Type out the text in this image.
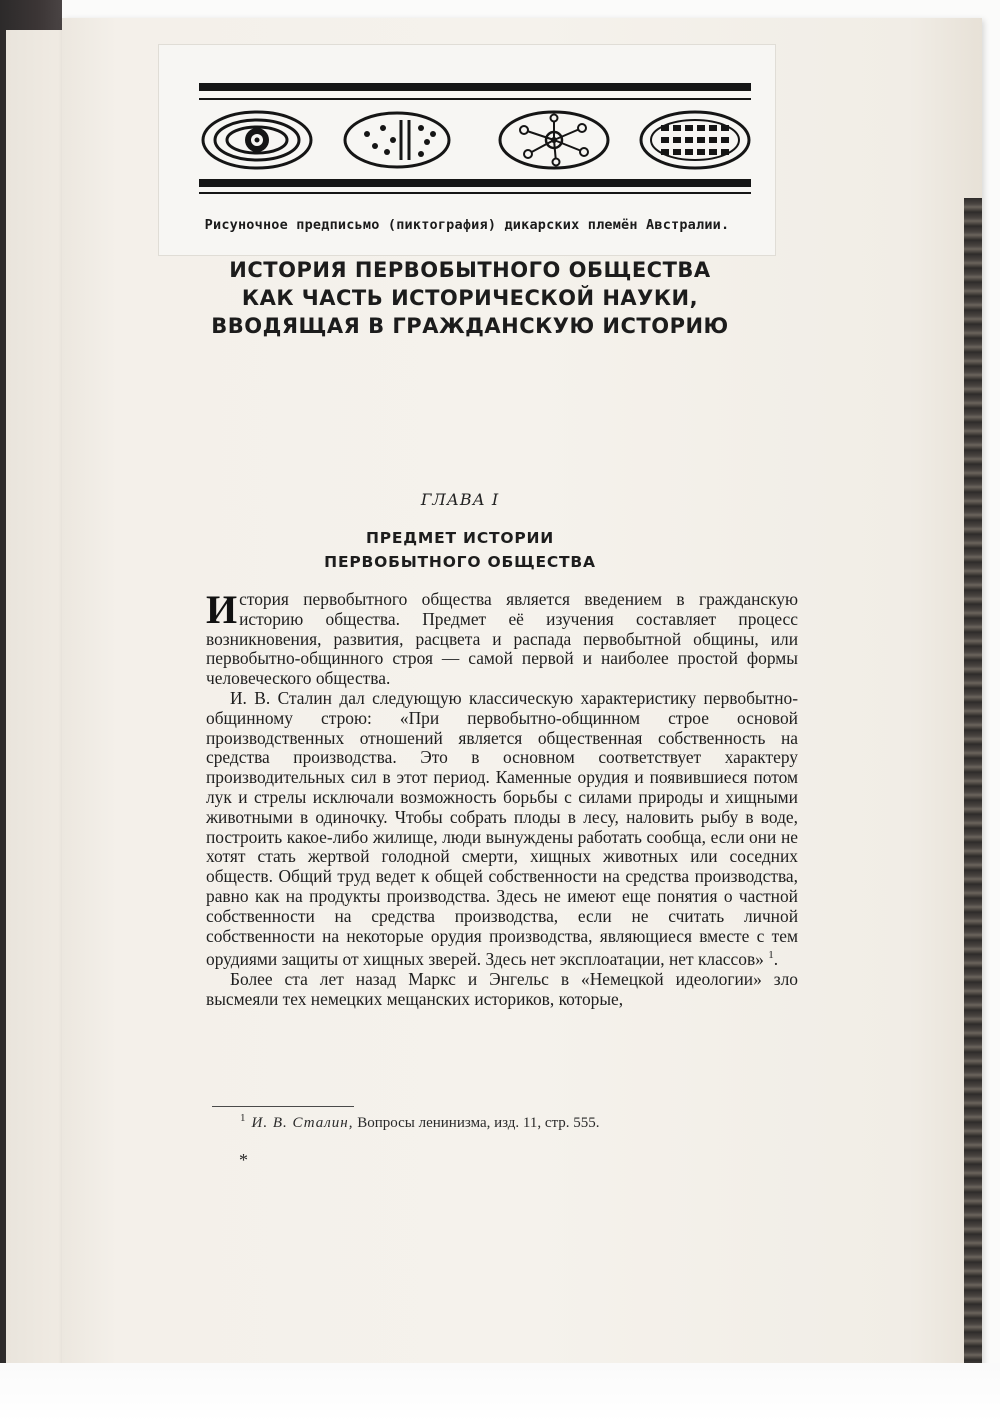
Рисуночное предписьмо (пиктография) дикарских племён Австралии.
ИСТОРИЯ ПЕРВОБЫТНОГО ОБЩЕСТВА
КАК ЧАСТЬ ИСТОРИЧЕСКОЙ НАУКИ,
ВВОДЯЩАЯ В ГРАЖДАНСКУЮ ИСТОРИЮ
ГЛАВА I
ПРЕДМЕТ ИСТОРИИ
ПЕРВОБЫТНОГО ОБЩЕСТВА

История первобытного общества является введением в гражданскую историю общества. Предмет её изучения составляет процесс возникновения, развития, расцвета и распада первобытной общины, или первобытно-общинного строя — самой первой и наиболее простой формы человеческого общества.

И. В. Сталин дал следующую классическую характеристику первобытно-общинному строю: «При первобытно-общинном строе основой производственных отношений является общественная собственность на средства производства. Это в основном соответствует характеру производительных сил в этот период. Каменные орудия и появившиеся потом лук и стрелы исключали возможность борьбы с силами природы и хищными животными в одиночку. Чтобы собрать плоды в лесу, наловить рыбу в воде, построить какое-либо жилище, люди вынуждены работать сообща, если они не хотят стать жертвой голодной смерти, хищных животных или соседних обществ. Общий труд ведет к общей собственности на средства производства, равно как на продукты производства. Здесь не имеют еще понятия о частной собственности на средства производства, если не считать личной собственности на некоторые орудия производства, являющиеся вместе с тем орудиями защиты от хищных зверей. Здесь нет эксплоатации, нет классов» $^1$.

Более ста лет назад Маркс и Энгельс в «Немецкой идеологии» зло высмеяли тех немецких мещанских историков, которые,

$^1$ И. В. Сталин, Вопросы ленинизма, изд. 11, стр. 555.
*
